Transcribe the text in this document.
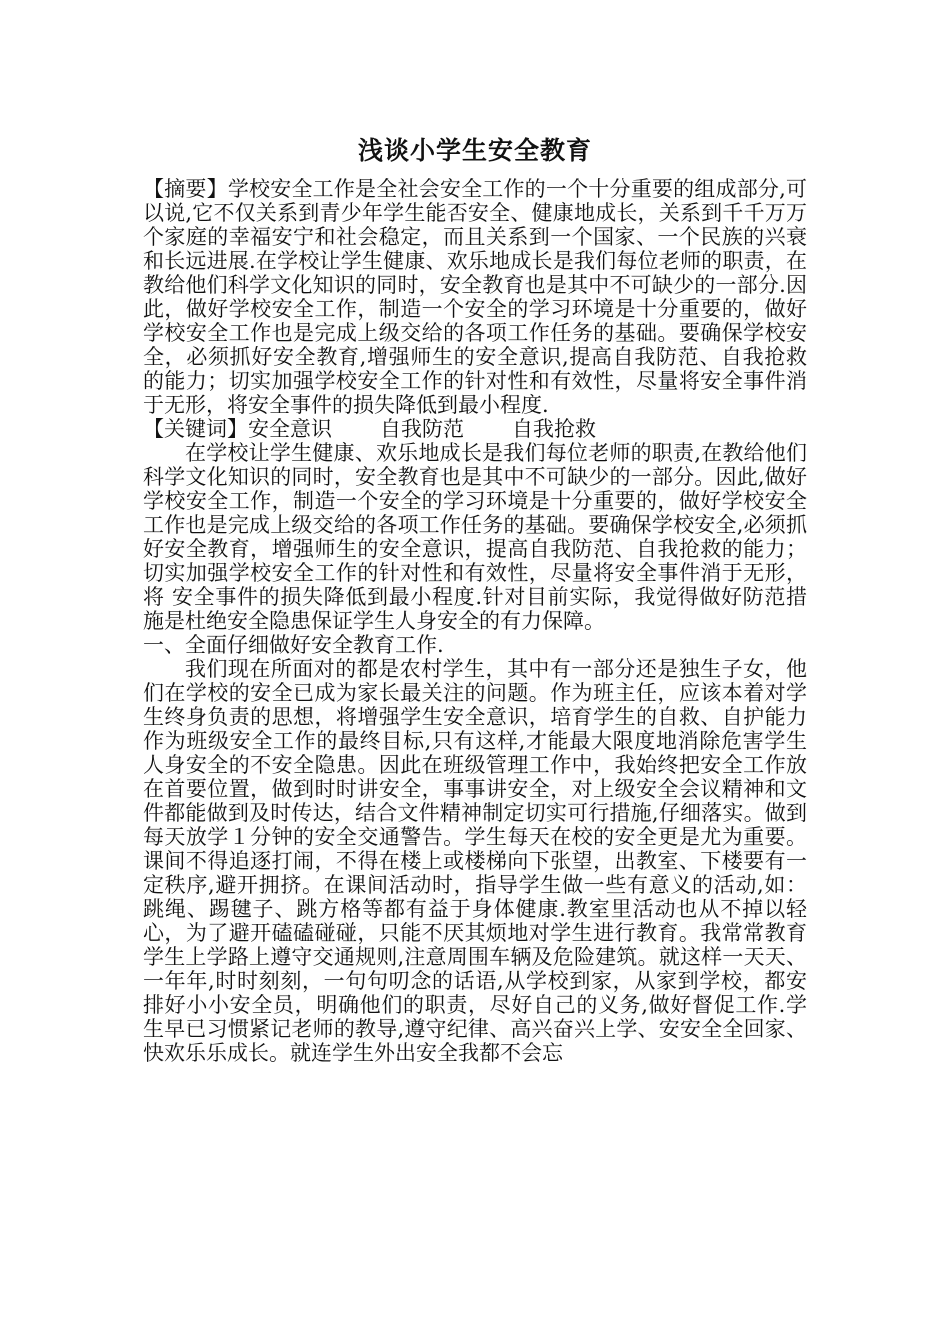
浅谈小学生安全教育

【摘要】学校安全工作是全社会安全工作的一个十分重要的组成部分,可以说,它不仅关系到青少年学生能否安全、健康地成长，关系到千千万万个家庭的幸福安宁和社会稳定，而且关系到一个国家、一个民族的兴衰和长远进展.在学校让学生健康、欢乐地成长是我们每位老师的职责，在教给他们科学文化知识的同时，安全教育也是其中不可缺少的一部分.因此，做好学校安全工作，制造一个安全的学习环境是十分重要的，做好学校安全工作也是完成上级交给的各项工作任务的基础。要确保学校安全，必须抓好安全教育,增强师生的安全意识,提高自我防范、自我抢救的能力；切实加强学校安全工作的针对性和有效性，尽量将安全事件消于无形，将安全事件的损失降低到最小程度.

【关键词】安全意识 自我防范 自我抢救

在学校让学生健康、欢乐地成长是我们每位老师的职责,在教给他们科学文化知识的同时，安全教育也是其中不可缺少的一部分。因此,做好学校安全工作，制造一个安全的学习环境是十分重要的，做好学校安全工作也是完成上级交给的各项工作任务的基础。要确保学校安全,必须抓好安全教育，增强师生的安全意识，提高自我防范、自我抢救的能力；切实加强学校安全工作的针对性和有效性，尽量将安全事件消于无形，将 安全事件的损失降低到最小程度.针对目前实际，我觉得做好防范措施是杜绝安全隐患保证学生人身安全的有力保障。

一、全面仔细做好安全教育工作.

我们现在所面对的都是农村学生，其中有一部分还是独生子女，他们在学校的安全已成为家长最关注的问题。作为班主任，应该本着对学生终身负责的思想，将增强学生安全意识，培育学生的自救、自护能力作为班级安全工作的最终目标,只有这样,才能最大限度地消除危害学生人身安全的不安全隐患。因此在班级管理工作中，我始终把安全工作放在首要位置，做到时时讲安全，事事讲安全，对上级安全会议精神和文件都能做到及时传达，结合文件精神制定切实可行措施,仔细落实。做到每天放学１分钟的安全交通警告。学生每天在校的安全更是尤为重要。课间不得追逐打闹，不得在楼上或楼梯向下张望，出教室、下楼要有一定秩序,避开拥挤。在课间活动时，指导学生做一些有意义的活动,如：跳绳、踢毽子、跳方格等都有益于身体健康.教室里活动也从不掉以轻心，为了避开磕磕碰碰，只能不厌其烦地对学生进行教育。我常常教育学生上学路上遵守交通规则,注意周围车辆及危险建筑。就这样一天天、一年年,时时刻刻，一句句叨念的话语,从学校到家，从家到学校，都安排好小小安全员，明确他们的职责，尽好自己的义务,做好督促工作.学生早已习惯紧记老师的教导,遵守纪律、高兴奋兴上学、安安全全回家、快欢乐乐成长。就连学生外出安全我都不会忘
